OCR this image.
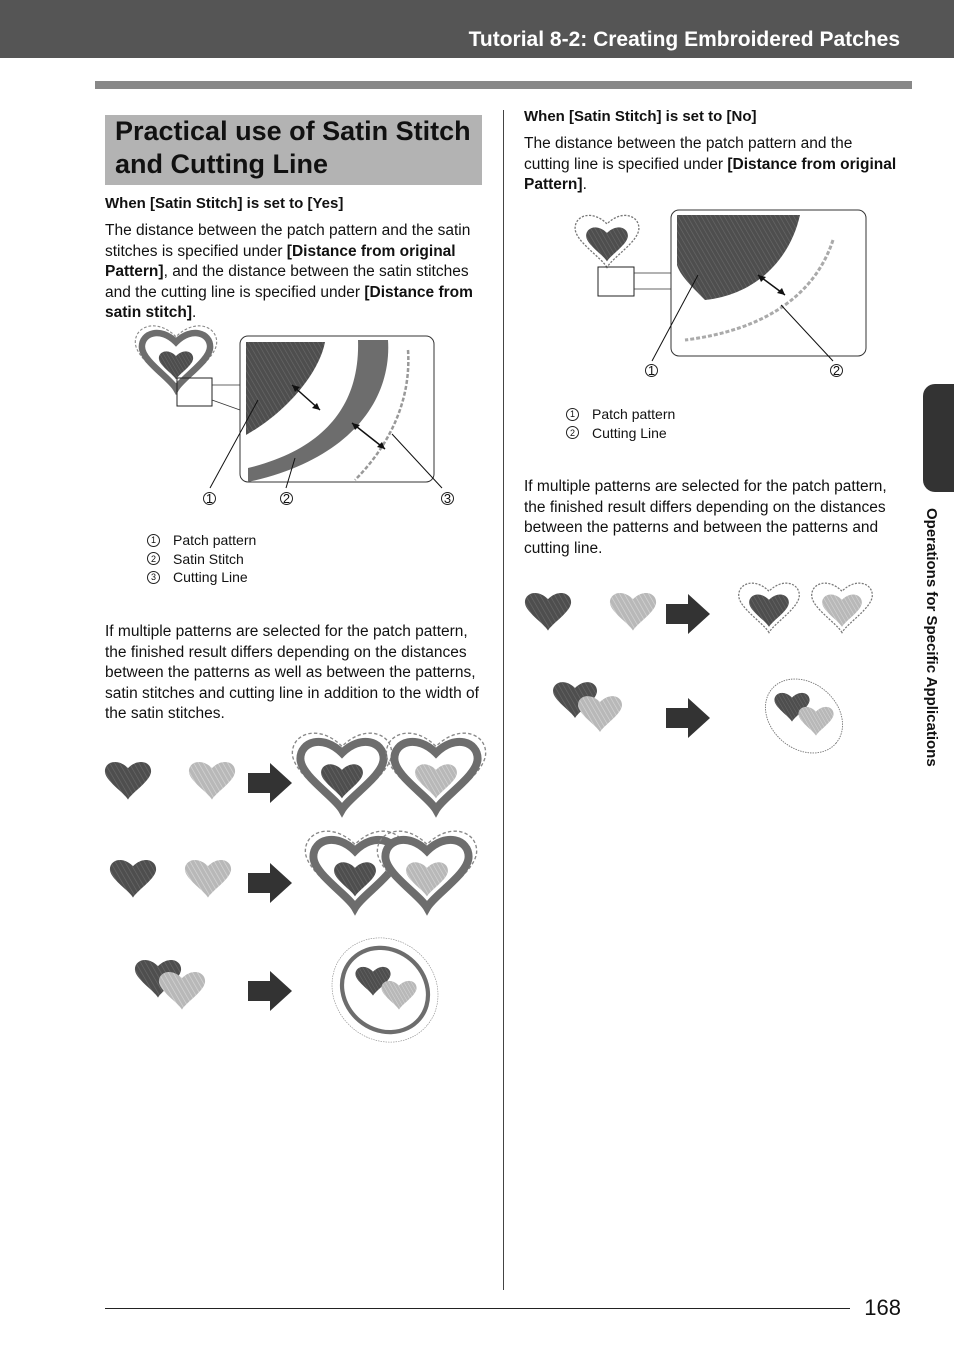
Tutorial 8-2: Creating Embroidered Patches
Practical use of Satin Stitch and Cutting Line
When [Satin Stitch] is set to [Yes]

The distance between the patch pattern and the satin stitches is specified under [Distance from original Pattern], and the distance between the satin stitches and the cutting line is specified under [Distance from satin stitch].

1	2	3
1 Patch pattern
2 Satin Stitch
3 Cutting Line

If multiple patterns are selected for the patch pattern, the finished result differs depending on the distances between the patterns as well as between the patterns, satin stitches and cutting line in addition to the width of the satin stitches.

When [Satin Stitch] is set to [No]

The distance between the patch pattern and the cutting line is specified under [Distance from original Pattern].

1	2
1 Patch pattern
2 Cutting Line

If multiple patterns are selected for the patch pattern, the finished result differs depending on the distances between the patterns and between the patterns and cutting line.	Operations for Specific Applications
168
